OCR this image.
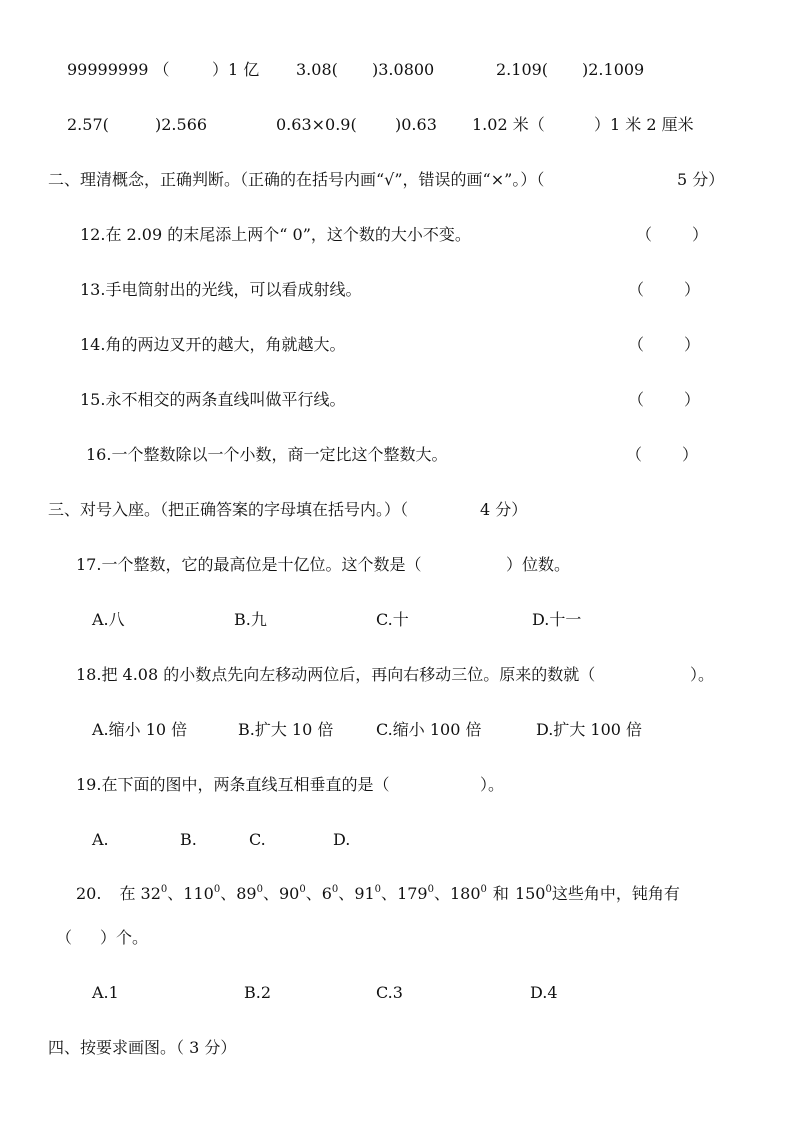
99999999 （	）1 亿 3.08( )3.0800	2.109( )2.1009
2.57(	)2.566	0.63×0.9( )0.63 1.02 米（	）1 米 2 厘米
二、理清概念，正确判断。（正确的在括号内画“√”，错误的画“×”。）（	5 分）
12.在 2.09 的末尾添上两个“ 0”，这个数的大小不变。	（ ）
13.手电筒射出的光线，可以看成射线。	（ ）
14.角的两边叉开的越大，角就越大。	（ ）
15.永不相交的两条直线叫做平行线。	（ ）
16.一个整数除以一个小数，商一定比这个整数大。	（ ）
三、对号入座。（把正确答案的字母填在括号内。）（	4 分）
17.一个整数，它的最高位是十亿位。这个数是（	）位数。
A.八	B.九	C.十	D.十一
18.把 4.08 的小数点先向左移动两位后，再向右移动三位。原来的数就（	）。
A.缩小 10 倍	B.扩大 10 倍	C.缩小 100 倍	D.扩大 100 倍
19.在下面的图中，两条直线互相垂直的是（	）。
A.	B.	C.	D.
20. 在 $32^0$、$110^0$、$89^0$、$90^0$、$6^0$、$91^0$、$179^0$、$180^0$ 和 $150^0$这些角中，钝角有
（ ）个。
A.1	B.2	C.3	D.4
四、按要求画图。（ 3 分）
